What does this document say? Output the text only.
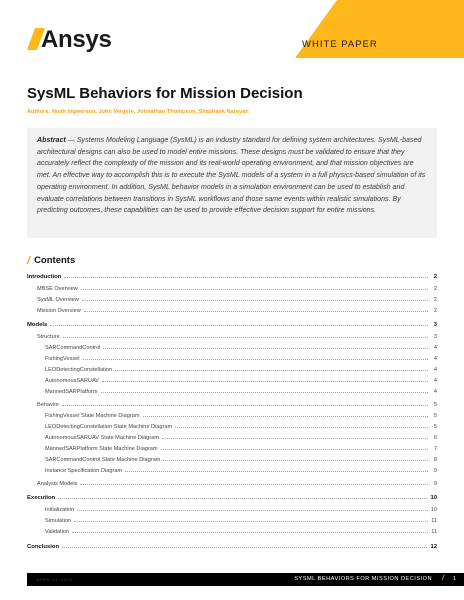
Ansys	WHITE PAPER
SysML Behaviors for Mission Decision
Authors: Noah Ingwerson, John Vergere, Johnathan Thompson, Shashank Narayan

Abstract — Systems Modeling Language (SysML) is an industry standard for defining system architectures. SysML-based architectural designs can also be used to model entire missions. These designs must be validated to ensure that they accurately reflect the complexity of the mission and its real-world operating environment, and that mission objectives are met. An effective way to accomplish this is to execute the SysML models of a system in a full physics-based simulation of its operating environment. In addition, SysML behavior models in a simulation environment can be used to establish and evaluate correlations between transitions in SysML workflows and those same events within realistic simulations. By predicting outcomes, these capabilities can be used to provide effective decision support for entire missions.

/ Contents
Introduction	2
MBSE Overview	2
SysML Overview	2
Mission Overview	2
Models	3
Structure	3
SARCommandControl	4
FishingVessel	4
LEODetectingConstellation	4
AutonomousSARUAV	4
MannedSARPlatform	4
Behavior	5
FishingVessel State Machine Diagram	5
LEODetectingConstellation State Machine Diagram	5
AutonomousSARUAV State Machine Diagram	6
MannedSARPlatform State Machine Diagram	7
SARCommandControl State Machine Diagram	8
Instance Specification Diagram	9
Analysis Models	9
Execution	10
Initialization	10
Simulation	11
Validation	11
Conclusion	12
APRIL 14, 2023	SYSML BEHAVIORS FOR MISSION DECISION / 1
